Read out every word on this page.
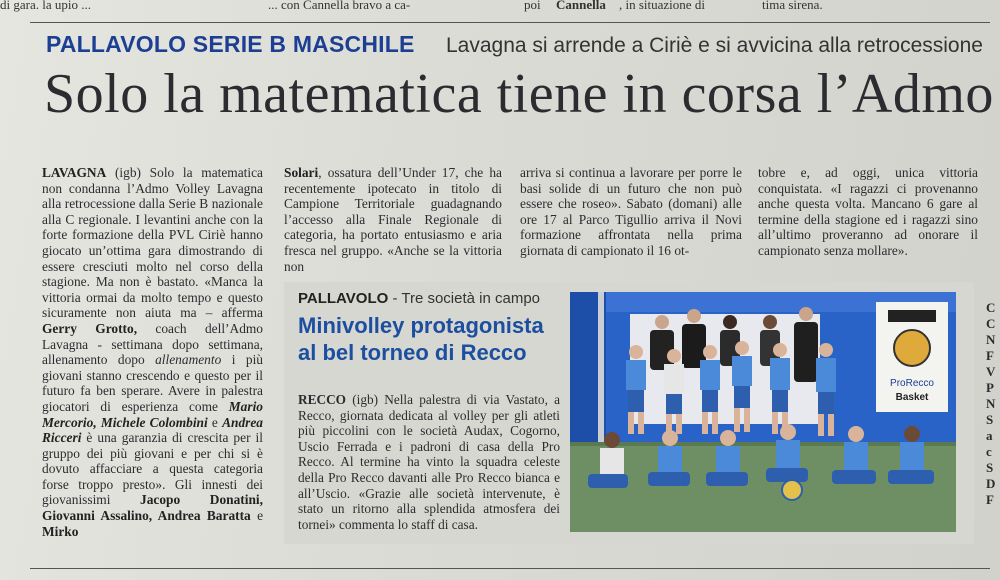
di gara. la upio ...	... con Cannella bravo a ca-	poi Cannella , in situazione di	tima sirena.
PALLAVOLO SERIE B MASCHILE Lavagna si arrende a Ciriè e si avvicina alla retrocessione
Solo la matematica tiene in corsa l’Admo

LAVAGNA (igb) Solo la matematica non condanna l’Admo Volley Lavagna alla retrocessione dalla Serie B nazionale alla C regionale. I levantini anche con la forte formazione della PVL Ciriè hanno giocato un’ottima gara dimostrando di essere cresciuti molto nel corso della stagione. Ma non è bastato. «Manca la vittoria ormai da molto tempo e questo sicuramente non aiuta ma – afferma Gerry Grotto, coach dell’Admo Lavagna - settimana dopo settimana, allenamento dopo allenamento i più giovani stanno crescendo e questo per il futuro fa ben sperare. Avere in palestra giocatori di esperienza come Mario Mercorio, Michele Colombini e Andrea Ricceri è una garanzia di crescita per il gruppo dei più giovani e per chi si è dovuto affacciare a questa categoria forse troppo presto». Gli innesti dei giovanissimi Jacopo Donatini, Giovanni Assalino, Andrea Baratta e Mirko

Solari, ossatura dell’Under 17, che ha recentemente ipotecato in titolo di Campione Territoriale guadagnando l’accesso alla Finale Regionale di categoria, ha portato entusiasmo e aria fresca nel gruppo. «Anche se la vittoria non

arriva si continua a lavorare per porre le basi solide di un futuro che non può essere che roseo». Sabato (domani) alle ore 17 al Parco Tigullio arriva il Novi formazione affrontata nella prima giornata di campionato il 16 ot-

tobre e, ad oggi, unica vittoria conquistata. «I ragazzi ci provenanno anche questa volta. Mancano 6 gare al termine della stagione ed i ragazzi sino all’ultimo proveranno ad onorare il campionato senza mollare».

PALLAVOLO - Tre società in campo
Minivolley protagonista
al bel torneo di Recco
RECCO (igb) Nella palestra di via Vastato, a Recco, giornata dedicata al volley per gli atleti più piccolini con le società Audax, Cogorno, Uscio Ferrada e i padroni di casa della Pro Recco. Al termine ha vinto la squadra celeste della Pro Recco davanti alle Pro Recco bianca e all’Uscio. «Grazie alle società intervenute, è stato un ritorno alla splendida atmosfera dei tornei» commenta lo staff di casa.
ProRecco
Basket
C
C
N
F
V
P
N
S
a
c
S
D
F
